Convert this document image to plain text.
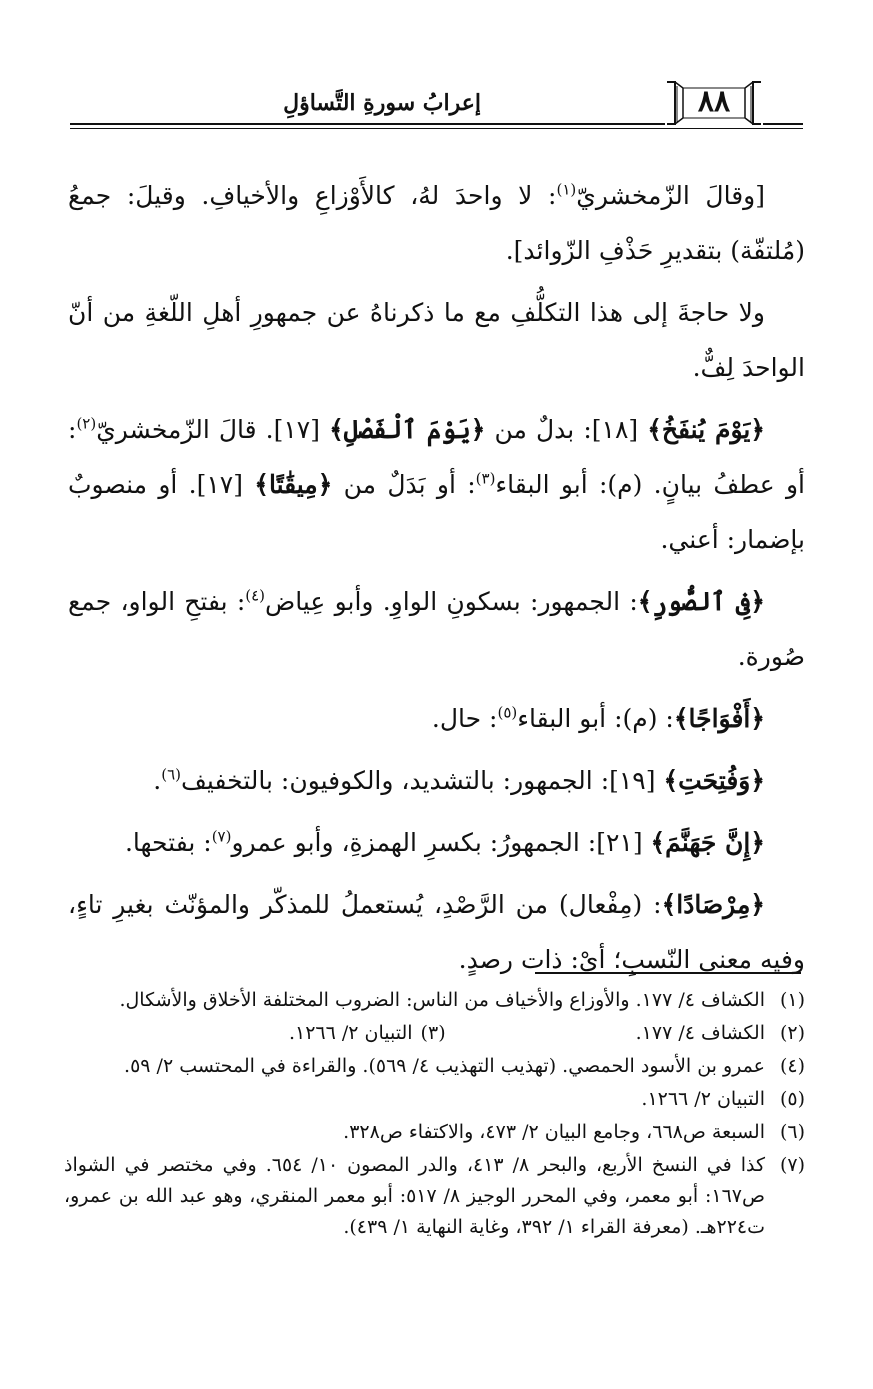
إعرابُ سورةِ التَّساؤلِ	٨٨

[وقالَ الزّمخشريّ$^{(١)}$: لا واحدَ لهُ، كالأَوْزاعِ والأخيافِ. وقيلَ: جمعُ (مُلتفّة) بتقديرِ حَذْفِ الزّوائد].

ولا حاجةَ إلى هذا التكلُّفِ مع ما ذكرناهُ عن جمهورِ أهلِ اللّغةِ من أنّ الواحدَ لِفٌّ.

﴿يَوْمَ يُنفَخُ﴾ [١٨]: بدلٌ من ﴿يَوْمَ ٱلْفَصْلِ﴾ [١٧]. قالَ الزّمخشريّ$^{(٢)}$: أو عطفُ بيانٍ. (م): أبو البقاء$^{(٣)}$: أو بَدَلٌ من ﴿مِيقَٰتًا﴾ [١٧]. أو منصوبٌ بإضمار: أعني.

﴿فِى ٱلصُّورِ﴾: الجمهور: بسكونِ الواوِ. وأبو عِياض$^{(٤)}$: بفتحِ الواو، جمع صُورة.

﴿أَفْوَاجًا﴾: (م): أبو البقاء$^{(٥)}$: حال.

﴿وَفُتِحَتِ﴾ [١٩]: الجمهور: بالتشديد، والكوفيون: بالتخفيف$^{(٦)}$.

﴿إِنَّ جَهَنَّمَ﴾ [٢١]: الجمهورُ: بكسرِ الهمزةِ، وأبو عمرو$^{(٧)}$: بفتحها.

﴿مِرْصَادًا﴾: (مِفْعال) من الرَّصْدِ، يُستعملُ للمذكّر والمؤنّث بغيرِ تاءٍ، وفيه معنى النّسبِ؛ أيْ: ذات رصدٍ.

(١)
الكشاف ٤/ ١٧٧. والأوزاع والأخياف من الناس: الضروب المختلفة الأخلاق والأشكال.
(٢)
الكشاف ٤/ ١٧٧.
(٣)
التبيان ٢/ ١٢٦٦.
(٤)
عمرو بن الأسود الحمصي. (تهذيب التهذيب ٤/ ٥٦٩). والقراءة في المحتسب ٢/ ٥٩.
(٥)
التبيان ٢/ ١٢٦٦.
(٦)
السبعة ص٦٦٨، وجامع البيان ٢/ ٤٧٣، والاكتفاء ص٣٢٨.
(٧)
كذا في النسخ الأربع، والبحر ٨/ ٤١٣، والدر المصون ١٠/ ٦٥٤. وفي مختصر في الشواذ ص١٦٧: أبو معمر، وفي المحرر الوجيز ٨/ ٥١٧: أبو معمر المنقري، وهو عبد الله بن عمرو، ت٢٢٤هـ. (معرفة القراء ١/ ٣٩٢، وغاية النهاية ١/ ٤٣٩).
